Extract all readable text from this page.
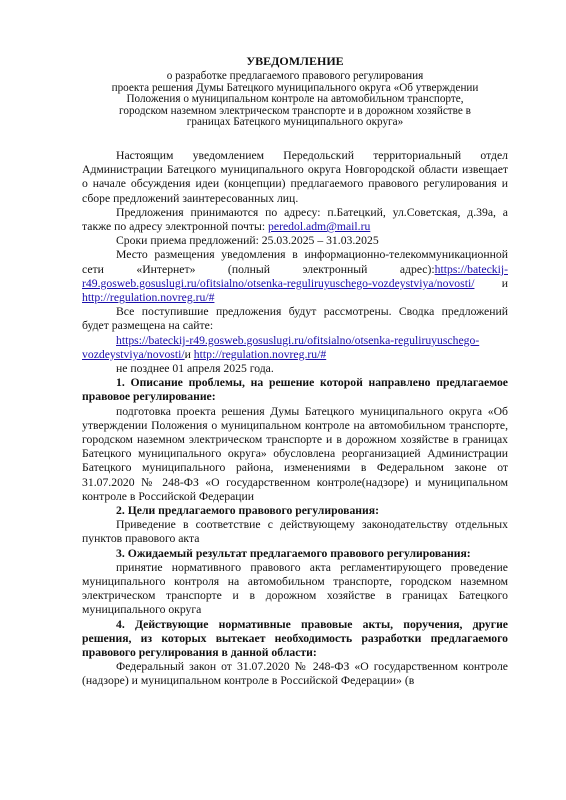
УВЕДОМЛЕНИЕ
о разработке предлагаемого правового регулирования
проекта решения Думы Батецкого муниципального округа «Об утверждении
Положения о муниципальном контроле на автомобильном транспорте,
городском наземном электрическом транспорте и в дорожном хозяйстве в
границах Батецкого муниципального округа»

Настоящим уведомлением Передольский территориальный отдел Администрации Батецкого муниципального округа Новгородской области извещает о начале обсуждения идеи (концепции) предлагаемого правового регулирования и сборе предложений заинтересованных лиц.

Предложения принимаются по адресу: п.Батецкий, ул.Советская, д.39а, а также по адресу электронной почты: peredol.adm@mail.ru

Сроки приема предложений: 25.03.2025 – 31.03.2025

Место размещения уведомления в информационно-телекоммуникационной сети «Интернет» (полный электронный адрес):https://bateckij-r49.gosweb.gosuslugi.ru/ofitsialno/otsenka-reguliruyuschego-vozdeystviya/novosti/ и http://regulation.novreg.ru/#

Все поступившие предложения будут рассмотрены. Сводка предложений будет размещена на сайте:

https://bateckij-r49.gosweb.gosuslugi.ru/ofitsialno/otsenka-reguliruyuschego-vozdeystviya/novosti/и http://regulation.novreg.ru/#

не позднее 01 апреля 2025 года.

1. Описание проблемы, на решение которой направлено предлагаемое правовое регулирование:

подготовка проекта решения Думы Батецкого муниципального округа «Об утверждении Положения о муниципальном контроле на автомобильном транспорте, городском наземном электрическом транспорте и в дорожном хозяйстве в границах Батецкого муниципального округа» обусловлена реорганизацией Администрации Батецкого муниципального района, изменениями в Федеральном законе от 31.07.2020 № 248-ФЗ «О государственном контроле(надзоре) и муниципальном контроле в Российской Федерации

2. Цели предлагаемого правового регулирования:

Приведение в соответствие с действующему законодательству отдельных пунктов правового акта

3. Ожидаемый результат предлагаемого правового регулирования:

принятие нормативного правового акта регламентирующего проведение муниципального контроля на автомобильном транспорте, городском наземном электрическом транспорте и в дорожном хозяйстве в границах Батецкого муниципального округа

4. Действующие нормативные правовые акты, поручения, другие решения, из которых вытекает необходимость разработки предлагаемого правового регулирования в данной области:

Федеральный закон от 31.07.2020 № 248-ФЗ «О государственном контроле (надзоре) и муниципальном контроле в Российской Федерации» (в
